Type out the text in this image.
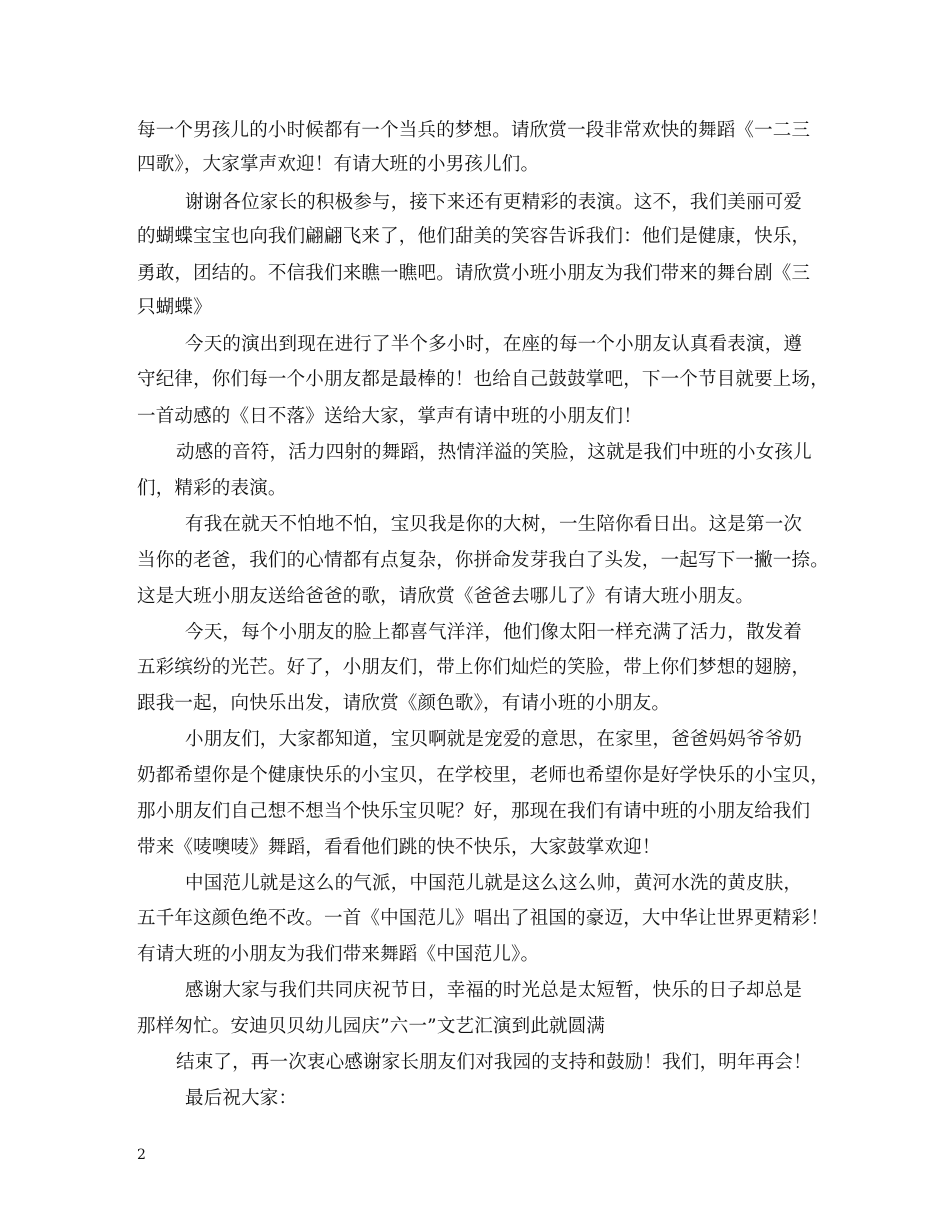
每一个男孩儿的小时候都有一个当兵的梦想。请欣赏一段非常欢快的舞蹈《一二三
四歌》，大家掌声欢迎！有请大班的小男孩儿们。
谢谢各位家长的积极参与，接下来还有更精彩的表演。这不，我们美丽可爱
的蝴蝶宝宝也向我们翩翩飞来了，他们甜美的笑容告诉我们：他们是健康，快乐，
勇敢，团结的。不信我们来瞧一瞧吧。请欣赏小班小朋友为我们带来的舞台剧《三
只蝴蝶》
今天的演出到现在进行了半个多小时，在座的每一个小朋友认真看表演，遵
守纪律，你们每一个小朋友都是最棒的！也给自己鼓鼓掌吧，下一个节目就要上场，
一首动感的《日不落》送给大家，掌声有请中班的小朋友们！
动感的音符，活力四射的舞蹈，热情洋溢的笑脸，这就是我们中班的小女孩儿
们，精彩的表演。
有我在就天不怕地不怕，宝贝我是你的大树，一生陪你看日出。这是第一次
当你的老爸，我们的心情都有点复杂，你拼命发芽我白了头发，一起写下一撇一捺。
这是大班小朋友送给爸爸的歌，请欣赏《爸爸去哪儿了》有请大班小朋友。
今天，每个小朋友的脸上都喜气洋洋，他们像太阳一样充满了活力，散发着
五彩缤纷的光芒。好了，小朋友们，带上你们灿烂的笑脸，带上你们梦想的翅膀，
跟我一起，向快乐出发，请欣赏《颜色歌》，有请小班的小朋友。
小朋友们，大家都知道，宝贝啊就是宠爱的意思，在家里，爸爸妈妈爷爷奶
奶都希望你是个健康快乐的小宝贝，在学校里，老师也希望你是好学快乐的小宝贝，
那小朋友们自己想不想当个快乐宝贝呢？好，那现在我们有请中班的小朋友给我们
带来《唛噢唛》舞蹈，看看他们跳的快不快乐，大家鼓掌欢迎！
中国范儿就是这么的气派，中国范儿就是这么这么帅，黄河水洗的黄皮肤，
五千年这颜色绝不改。一首《中国范儿》唱出了祖国的豪迈，大中华让世界更精彩！
有请大班的小朋友为我们带来舞蹈《中国范儿》。
感谢大家与我们共同庆祝节日，幸福的时光总是太短暂，快乐的日子却总是
那样匆忙。安迪贝贝幼儿园庆”六一”文艺汇演到此就圆满
结束了，再一次衷心感谢家长朋友们对我园的支持和鼓励！我们，明年再会！
最后祝大家：
2
